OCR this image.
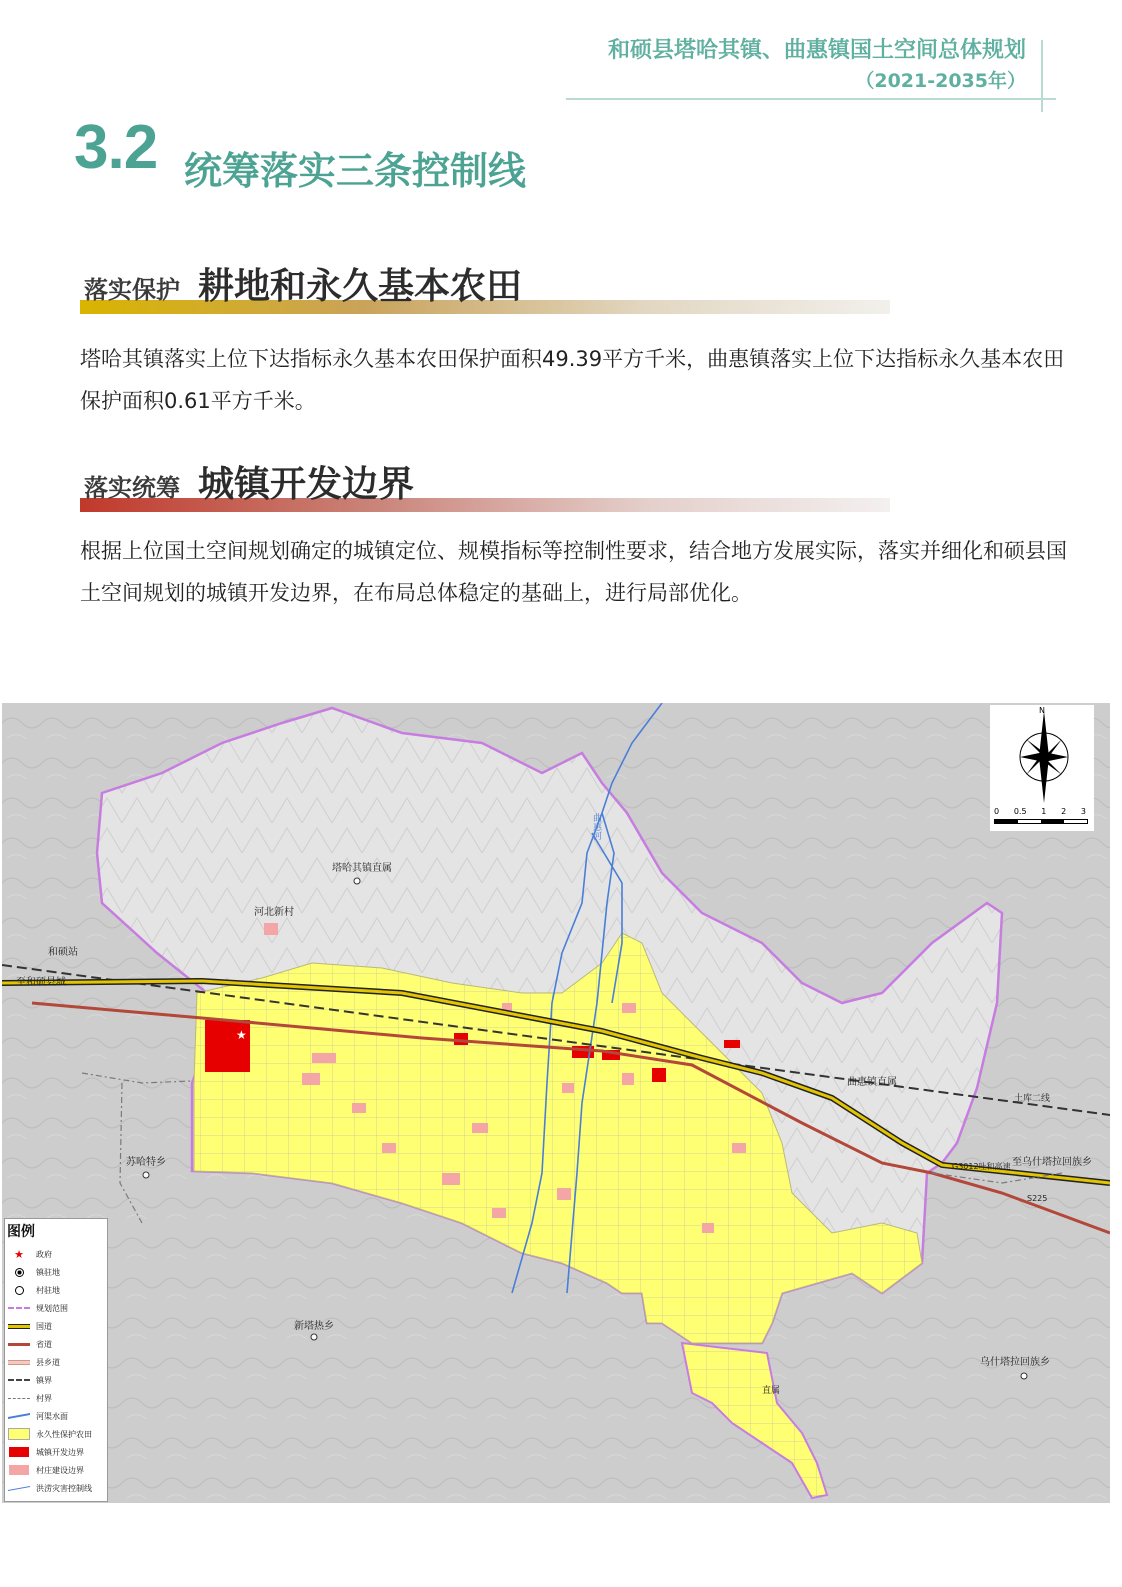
和硕县塔哈其镇、曲惠镇国土空间总体规划
（2021-2035年）
3.2 统筹落实三条控制线
落实保护 耕地和永久基本农田
塔哈其镇落实上位下达指标永久基本农田保护面积49.39平方千米，曲惠镇落实上位下达指标永久基本农田保护面积0.61平方千米。
落实统筹 城镇开发边界
根据上位国土空间规划确定的城镇定位、规模指标等控制性要求，结合地方发展实际，落实并细化和硕县国土空间规划的城镇开发边界，在布局总体稳定的基础上，进行局部优化。
和硕站
至和硕县城
塔哈其镇直属
河北新村
苏哈特乡
新塔热乡
曲惠镇直属
乌什塔拉回族乡
至乌什塔拉回族乡
G3012吐和高速
S225
土库二线
曲惠河
直属
★
N
0 0.5 1 2 3
图例
★	政府
镇驻地
村驻地
规划范围
国道
省道
县乡道
镇界
村界
河渠水面
永久性保护农田
城镇开发边界
村庄建设边界
洪涝灾害控制线
